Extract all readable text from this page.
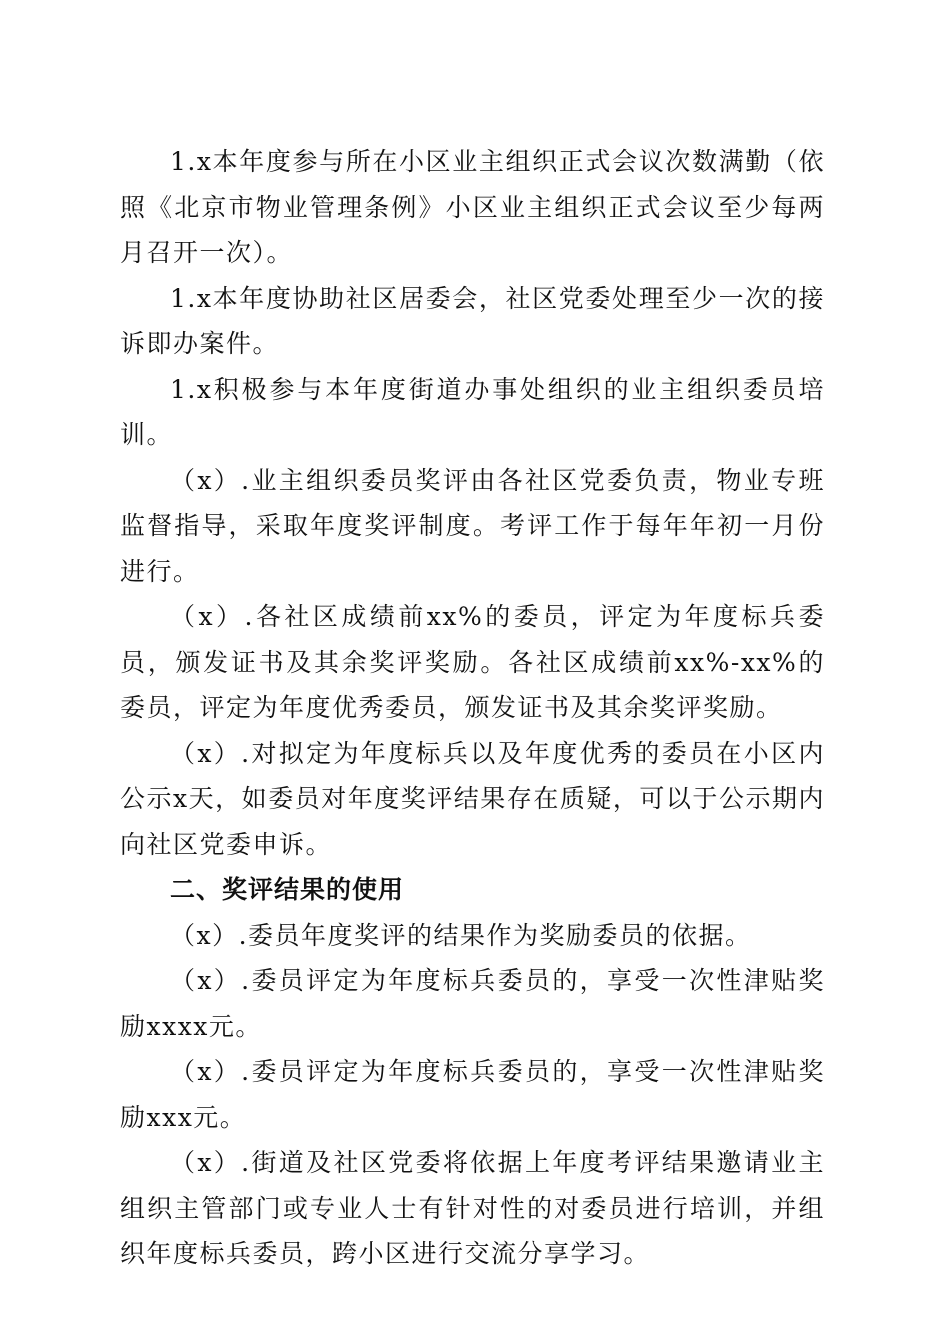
1.x本年度参与所在小区业主组织正式会议次数满勤（依照《北京市物业管理条例》小区业主组织正式会议至少每两月召开一次）。

1.x本年度协助社区居委会，社区党委处理至少一次的接诉即办案件。

1.x积极参与本年度街道办事处组织的业主组织委员培训。

（x）.业主组织委员奖评由各社区党委负责，物业专班监督指导，采取年度奖评制度。考评工作于每年年初一月份进行。

（x）.各社区成绩前xx%的委员，评定为年度标兵委员，颁发证书及其余奖评奖励。各社区成绩前xx%-xx%的委员，评定为年度优秀委员，颁发证书及其余奖评奖励。

（x）.对拟定为年度标兵以及年度优秀的委员在小区内公示x天，如委员对年度奖评结果存在质疑，可以于公示期内向社区党委申诉。

二、奖评结果的使用

（x）.委员年度奖评的结果作为奖励委员的依据。

（x）.委员评定为年度标兵委员的，享受一次性津贴奖励xxxx元。

（x）.委员评定为年度标兵委员的，享受一次性津贴奖励xxx元。

（x）.街道及社区党委将依据上年度考评结果邀请业主组织主管部门或专业人士有针对性的对委员进行培训，并组织年度标兵委员，跨小区进行交流分享学习。
